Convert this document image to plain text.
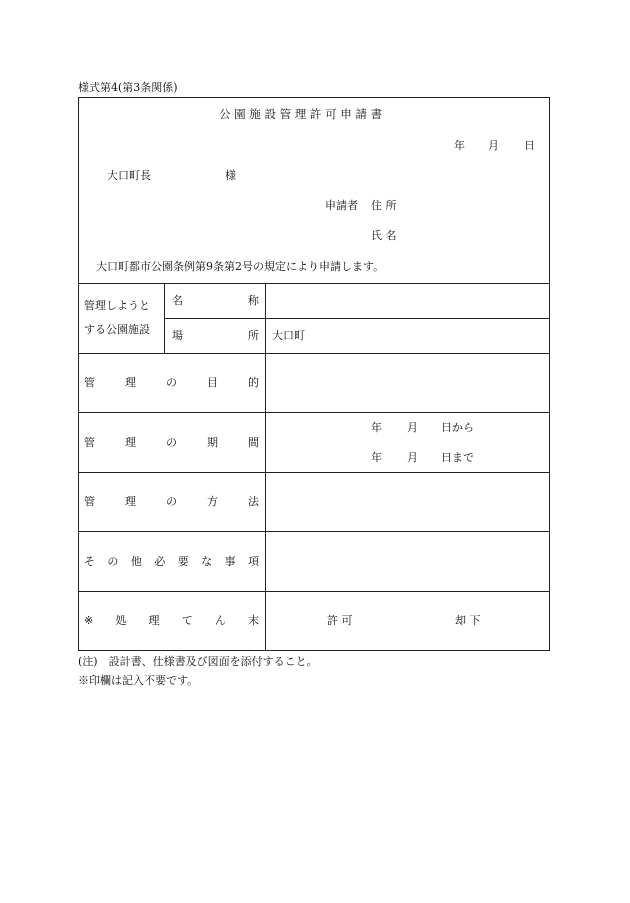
様式第4(第3条関係)
公 園 施 設 管 理 許 可 申 請 書
年 月 日
大口町長	様
申請者 住 所
氏 名
大口町都市公園条例第9条第2号の規定により申請します。
管理しようと
する公園施設
名	称
場	所 大口町
管	理	の	目	的
管	理	の	期	間
年 月 日から
年 月 日まで
管	理	の	方	法
そ の 他 必 要 な 事 項
※ 処 理 て ん 末	許 可	却 下
(注)　設計書、仕様書及び図面を添付すること。
※印欄は記入不要です。
